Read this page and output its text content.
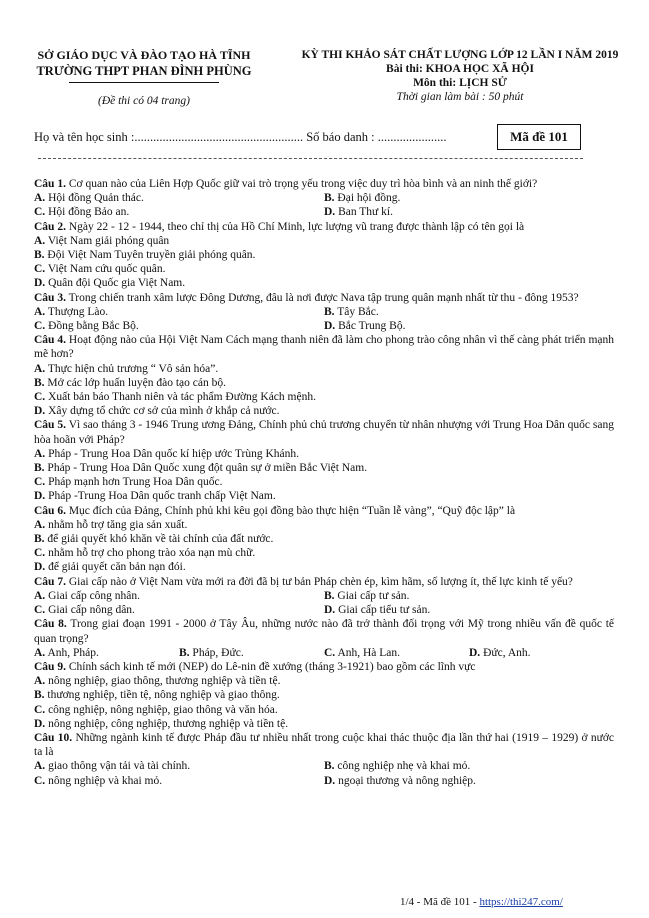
SỞ GIÁO DỤC VÀ ĐÀO TẠO HÀ TĨNH
TRƯỜNG THPT PHAN ĐÌNH PHÙNG
(Đề thi có 04 trang)
KỲ THI KHẢO SÁT CHẤT LƯỢNG LỚP 12 LẦN I NĂM 2019
Bài thi: KHOA HỌC XÃ HỘI
Môn thi: LỊCH SỬ
Thời gian làm bài : 50 phút
Họ và tên học sinh :...................................................... Số báo danh : ......................	Mã đề 101
Câu 1. Cơ quan nào của Liên Hợp Quốc giữ vai trò trọng yếu trong việc duy trì hòa bình và an ninh thế giới?
A. Hội đồng Quản thác.	B. Đại hội đồng.
C. Hội đồng Bảo an.	D. Ban Thư kí.
Câu 2. Ngày 22 - 12 - 1944, theo chỉ thị của Hồ Chí Minh, lực lượng vũ trang được thành lập có tên gọi là
A. Việt Nam giải phóng quân
B. Đội Việt Nam Tuyên truyền giải phóng quân.
C. Việt Nam cứu quốc quân.
D. Quân đội Quốc gia Việt Nam.
Câu 3. Trong chiến tranh xâm lược Đông Dương, đâu là nơi được Nava tập trung quân mạnh nhất từ thu - đông 1953?
A. Thượng Lào.	B. Tây Bắc.
C. Đồng bằng Bắc Bộ.	D. Bắc Trung Bộ.
Câu 4. Hoạt động nào của Hội Việt Nam Cách mạng thanh niên đã làm cho phong trào công nhân vì thế càng phát triển mạnh mẽ hơn?
A. Thực hiện chủ trương “ Vô sản hóa”.
B. Mở các lớp huấn luyện đào tạo cán bộ.
C. Xuất bản báo Thanh niên và tác phẩm Đường Kách mệnh.
D. Xây dựng tổ chức cơ sở của mình ở khắp cả nước.
Câu 5. Vì sao tháng 3 - 1946 Trung ương Đảng, Chính phủ chủ trương chuyển từ nhân nhượng với Trung Hoa Dân quốc sang hòa hoãn với Pháp?
A. Pháp - Trung Hoa Dân quốc kí hiệp ước Trùng Khánh.
B. Pháp - Trung Hoa Dân Quốc xung đột quân sự ở miền Bắc Việt Nam.
C. Pháp mạnh hơn Trung Hoa Dân quốc.
D. Pháp -Trung Hoa Dân quốc tranh chấp Việt Nam.
Câu 6. Mục đích của Đảng, Chính phủ khi kêu gọi đồng bào thực hiện “Tuần lễ vàng”, “Quỹ độc lập” là
A. nhằm hỗ trợ tăng gia sản xuất.
B. để giải quyết khó khăn về tài chính của đất nước.
C. nhằm hỗ trợ cho phong trào xóa nạn mù chữ.
D. để giải quyết căn bản nạn đói.
Câu 7. Giai cấp nào ở Việt Nam vừa mới ra đời đã bị tư bản Pháp chèn ép, kìm hãm, số lượng ít, thế lực kinh tế yếu?
A. Giai cấp công nhân.	B. Giai cấp tư sản.
C. Giai cấp nông dân.	D. Giai cấp tiểu tư sản.
Câu 8. Trong giai đoạn 1991 - 2000 ở Tây Âu, những nước nào đã trở thành đối trọng với Mỹ trong nhiều vấn đề quốc tế quan trọng?
A. Anh, Pháp.	B. Pháp, Đức.	C. Anh, Hà Lan.	D. Đức, Anh.
Câu 9. Chính sách kinh tế mới (NEP) do Lê-nin đề xướng (tháng 3-1921) bao gồm các lĩnh vực
A. nông nghiệp, giao thông, thương nghiệp và tiền tệ.
B. thương nghiệp, tiền tệ, nông nghiệp và giao thông.
C. công nghiệp, nông nghiệp, giao thông và văn hóa.
D. nông nghiệp, công nghiệp, thương nghiệp và tiền tệ.
Câu 10. Những ngành kinh tế được Pháp đầu tư nhiều nhất trong cuộc khai thác thuộc địa lần thứ hai (1919 – 1929) ở nước ta là
A. giao thông vận tải và tài chính.	B. công nghiệp nhẹ và khai mỏ.
C. nông nghiệp và khai mỏ.	D. ngoại thương và nông nghiệp.
1/4 - Mã đề 101 - https://thi247.com/
